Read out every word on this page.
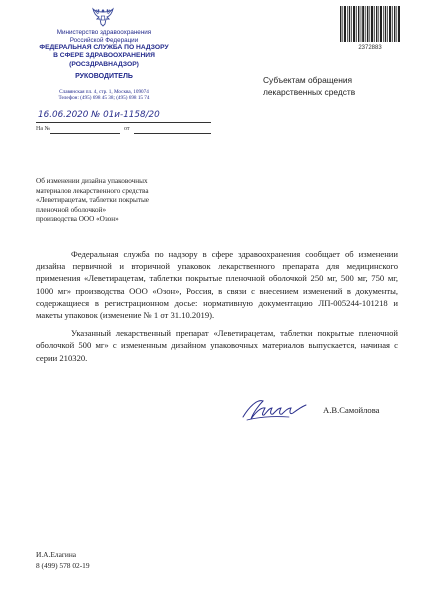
Министерство здравоохранения
Российской Федерации
ФЕДЕРАЛЬНАЯ СЛУЖБА ПО НАДЗОРУ
В СФЕРЕ ЗДРАВООХРАНЕНИЯ
(РОСЗДРАВНАДЗОР)
РУКОВОДИТЕЛЬ
Славянская пл. 4, стр. 1, Москва, 109074
Телефон: (495) 698 45 38; (495) 698 15 74
16.06.2020 № 01и-1158/20
На №	от
2372883
Субъектам обращения
лекарственных средств
Об изменении дизайна упаковочных
материалов лекарственного средства
«Леветирацетам, таблетки покрытые
пленочной оболочкой»
производства ООО «Озон»

Федеральная служба по надзору в сфере здравоохранения сообщает об изменении дизайна первичной и вторичной упаковок лекарственного препарата для медицинского применения «Леветирацетам, таблетки покрытые пленочной оболочкой 250 мг, 500 мг, 750 мг, 1000 мг» производства ООО «Озон», Россия, в связи с внесением изменений в документы, содержащиеся в регистрационном досье: нормативную документацию ЛП-005244-101218 и макеты упаковок (изменение № 1 от 31.10.2019).

Указанный лекарственный препарат «Леветирацетам, таблетки покрытые пленочной оболочкой 500 мг» с измененным дизайном упаковочных материалов выпускается, начиная с серии 210320.

А.В.Самойлова
И.А.Елагина
8 (499) 578 02-19
